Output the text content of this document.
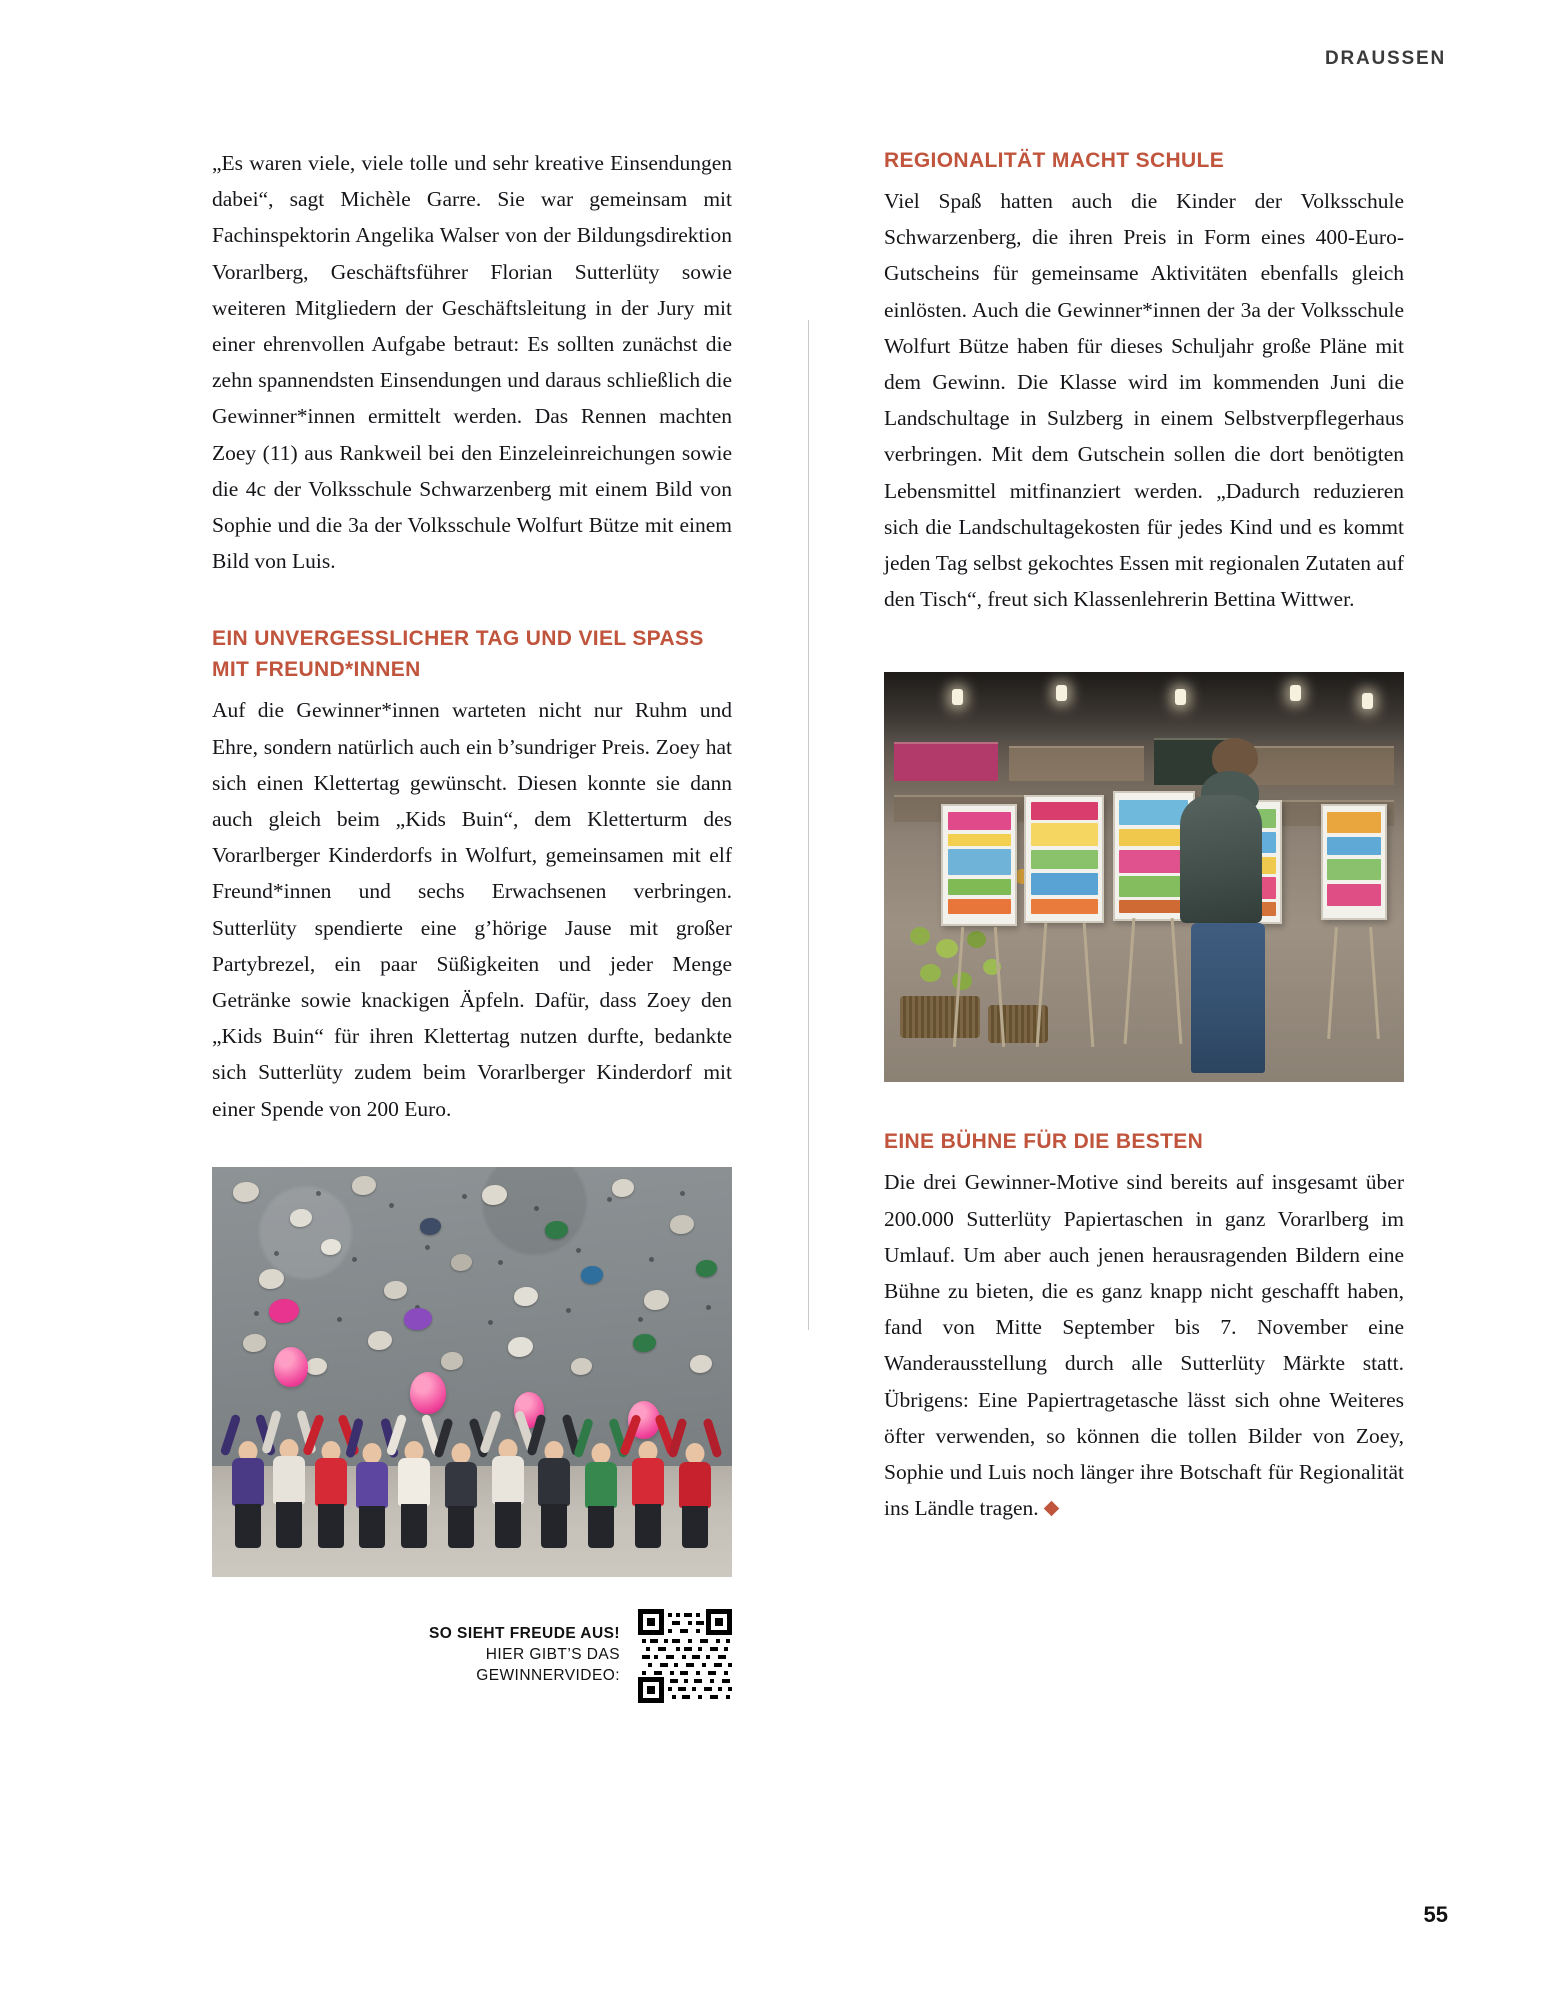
DRAUSSEN

„Es waren viele, viele tolle und sehr kreative Einsendungen dabei“, sagt Michèle Garre. Sie war gemeinsam mit Fachinspektorin Angelika Walser von der Bildungsdirektion Vorarlberg, Geschäftsführer Florian Sutterlüty sowie weiteren Mitgliedern der Geschäftsleitung in der Jury mit einer ehrenvollen Aufgabe betraut: Es sollten zunächst die zehn spannendsten Einsendungen und daraus schließlich die Gewinner*innen ermittelt werden. Das Rennen machten Zoey (11) aus Rankweil bei den Einzeleinreichungen sowie die 4c der Volksschule Schwarzenberg mit einem Bild von Sophie und die 3a der Volksschule Wolfurt Bütze mit einem Bild von Luis.

EIN UNVERGESSLICHER TAG UND VIEL SPASS MIT FREUND*INNEN

Auf die Gewinner*innen warteten nicht nur Ruhm und Ehre, sondern natürlich auch ein b’sundriger Preis. Zoey hat sich einen Klettertag gewünscht. Diesen konnte sie dann auch gleich beim „Kids Buin“, dem Kletterturm des Vorarlberger Kinderdorfs in Wolfurt, gemeinsamen mit elf Freund*innen und sechs Erwachsenen verbringen. Sutterlüty spendierte eine g’hörige Jause mit großer Partybrezel, ein paar Süßigkeiten und jeder Menge Getränke sowie knackigen Äpfeln. Dafür, dass Zoey den „Kids Buin“ für ihren Klettertag nutzen durfte, bedankte sich Sutterlüty zudem beim Vorarlberger Kinderdorf mit einer Spende von 200 Euro.

SO SIEHT FREUDE AUS!
HIER GIBT’S DAS
GEWINNERVIDEO:
REGIONALITÄT MACHT SCHULE

Viel Spaß hatten auch die Kinder der Volksschule Schwarzenberg, die ihren Preis in Form eines 400-Euro-Gutscheins für gemeinsame Aktivitäten ebenfalls gleich einlösten. Auch die Gewinner*innen der 3a der Volksschule Wolfurt Bütze haben für dieses Schuljahr große Pläne mit dem Gewinn. Die Klasse wird im kommenden Juni die Landschultage in Sulzberg in einem Selbstverpflegerhaus verbringen. Mit dem Gutschein sollen die dort benötigten Lebensmittel mitfinanziert werden. „Dadurch reduzieren sich die Landschultagekosten für jedes Kind und es kommt jeden Tag selbst gekochtes Essen mit regionalen Zutaten auf den Tisch“, freut sich Klassenlehrerin Bettina Wittwer.

EINE BÜHNE FÜR DIE BESTEN

Die drei Gewinner-Motive sind bereits auf insgesamt über 200.000 Sutterlüty Papiertaschen in ganz Vorarlberg im Umlauf. Um aber auch jenen herausragenden Bildern eine Bühne zu bieten, die es ganz knapp nicht geschafft haben, fand von Mitte September bis 7. November eine Wanderausstellung durch alle Sutterlüty Märkte statt. Übrigens: Eine Papiertragetasche lässt sich ohne Weiteres öfter verwenden, so können die tollen Bilder von Zoey, Sophie und Luis noch länger ihre Botschaft für Regionalität ins Ländle tragen.

55
